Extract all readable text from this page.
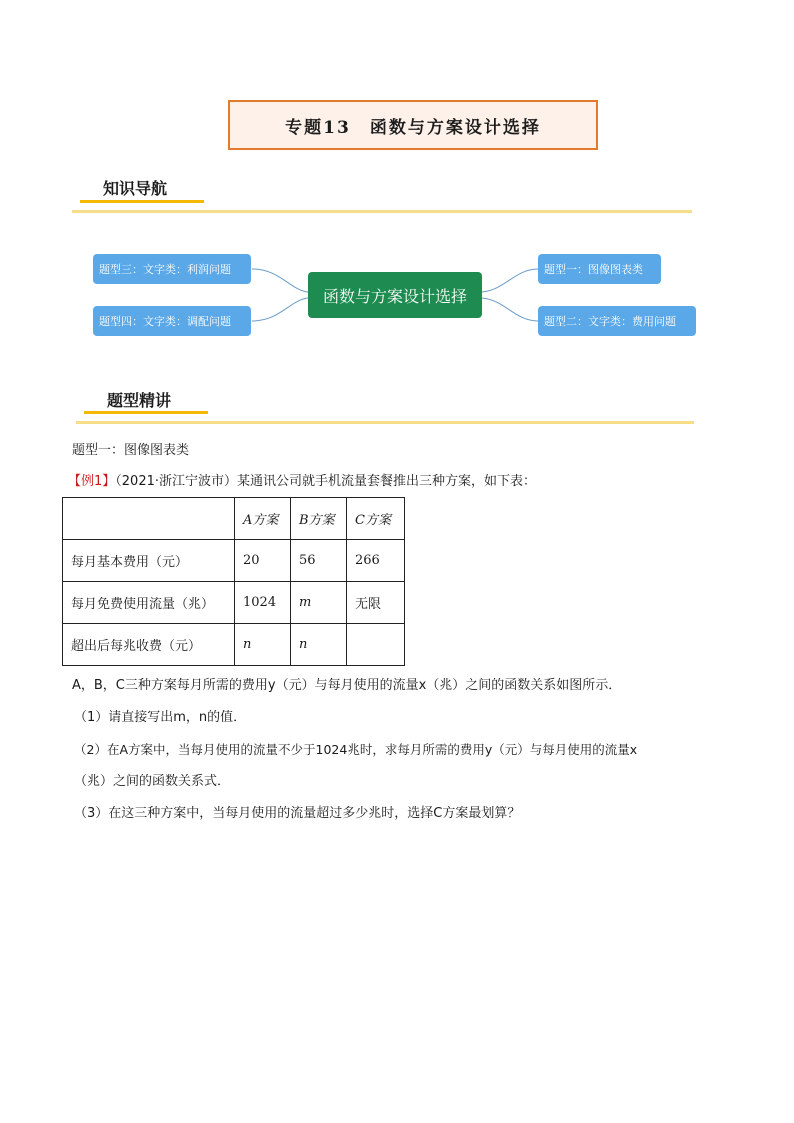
专题13　函数与方案设计选择
知识导航
函数与方案设计选择
题型三：文字类：利润问题
题型四：文字类：调配问题
题型一：图像图表类
题型二：文字类：费用问题
题型精讲
题型一：图像图表类
【例1】（2021·浙江宁波市）某通讯公司就手机流量套餐推出三种方案，如下表：
	A方案	B方案	C方案
每月基本费用（元）	20	56	266
每月免费使用流量（兆）	1024	m	无限
超出后每兆收费（元）	n	n	
A，B，C三种方案每月所需的费用y（元）与每月使用的流量x（兆）之间的函数关系如图所示．
（1）请直接写出m，n的值．
（2）在A方案中，当每月使用的流量不少于1024兆时，求每月所需的费用y（元）与每月使用的流量x
（兆）之间的函数关系式．
（3）在这三种方案中，当每月使用的流量超过多少兆时，选择C方案最划算？
